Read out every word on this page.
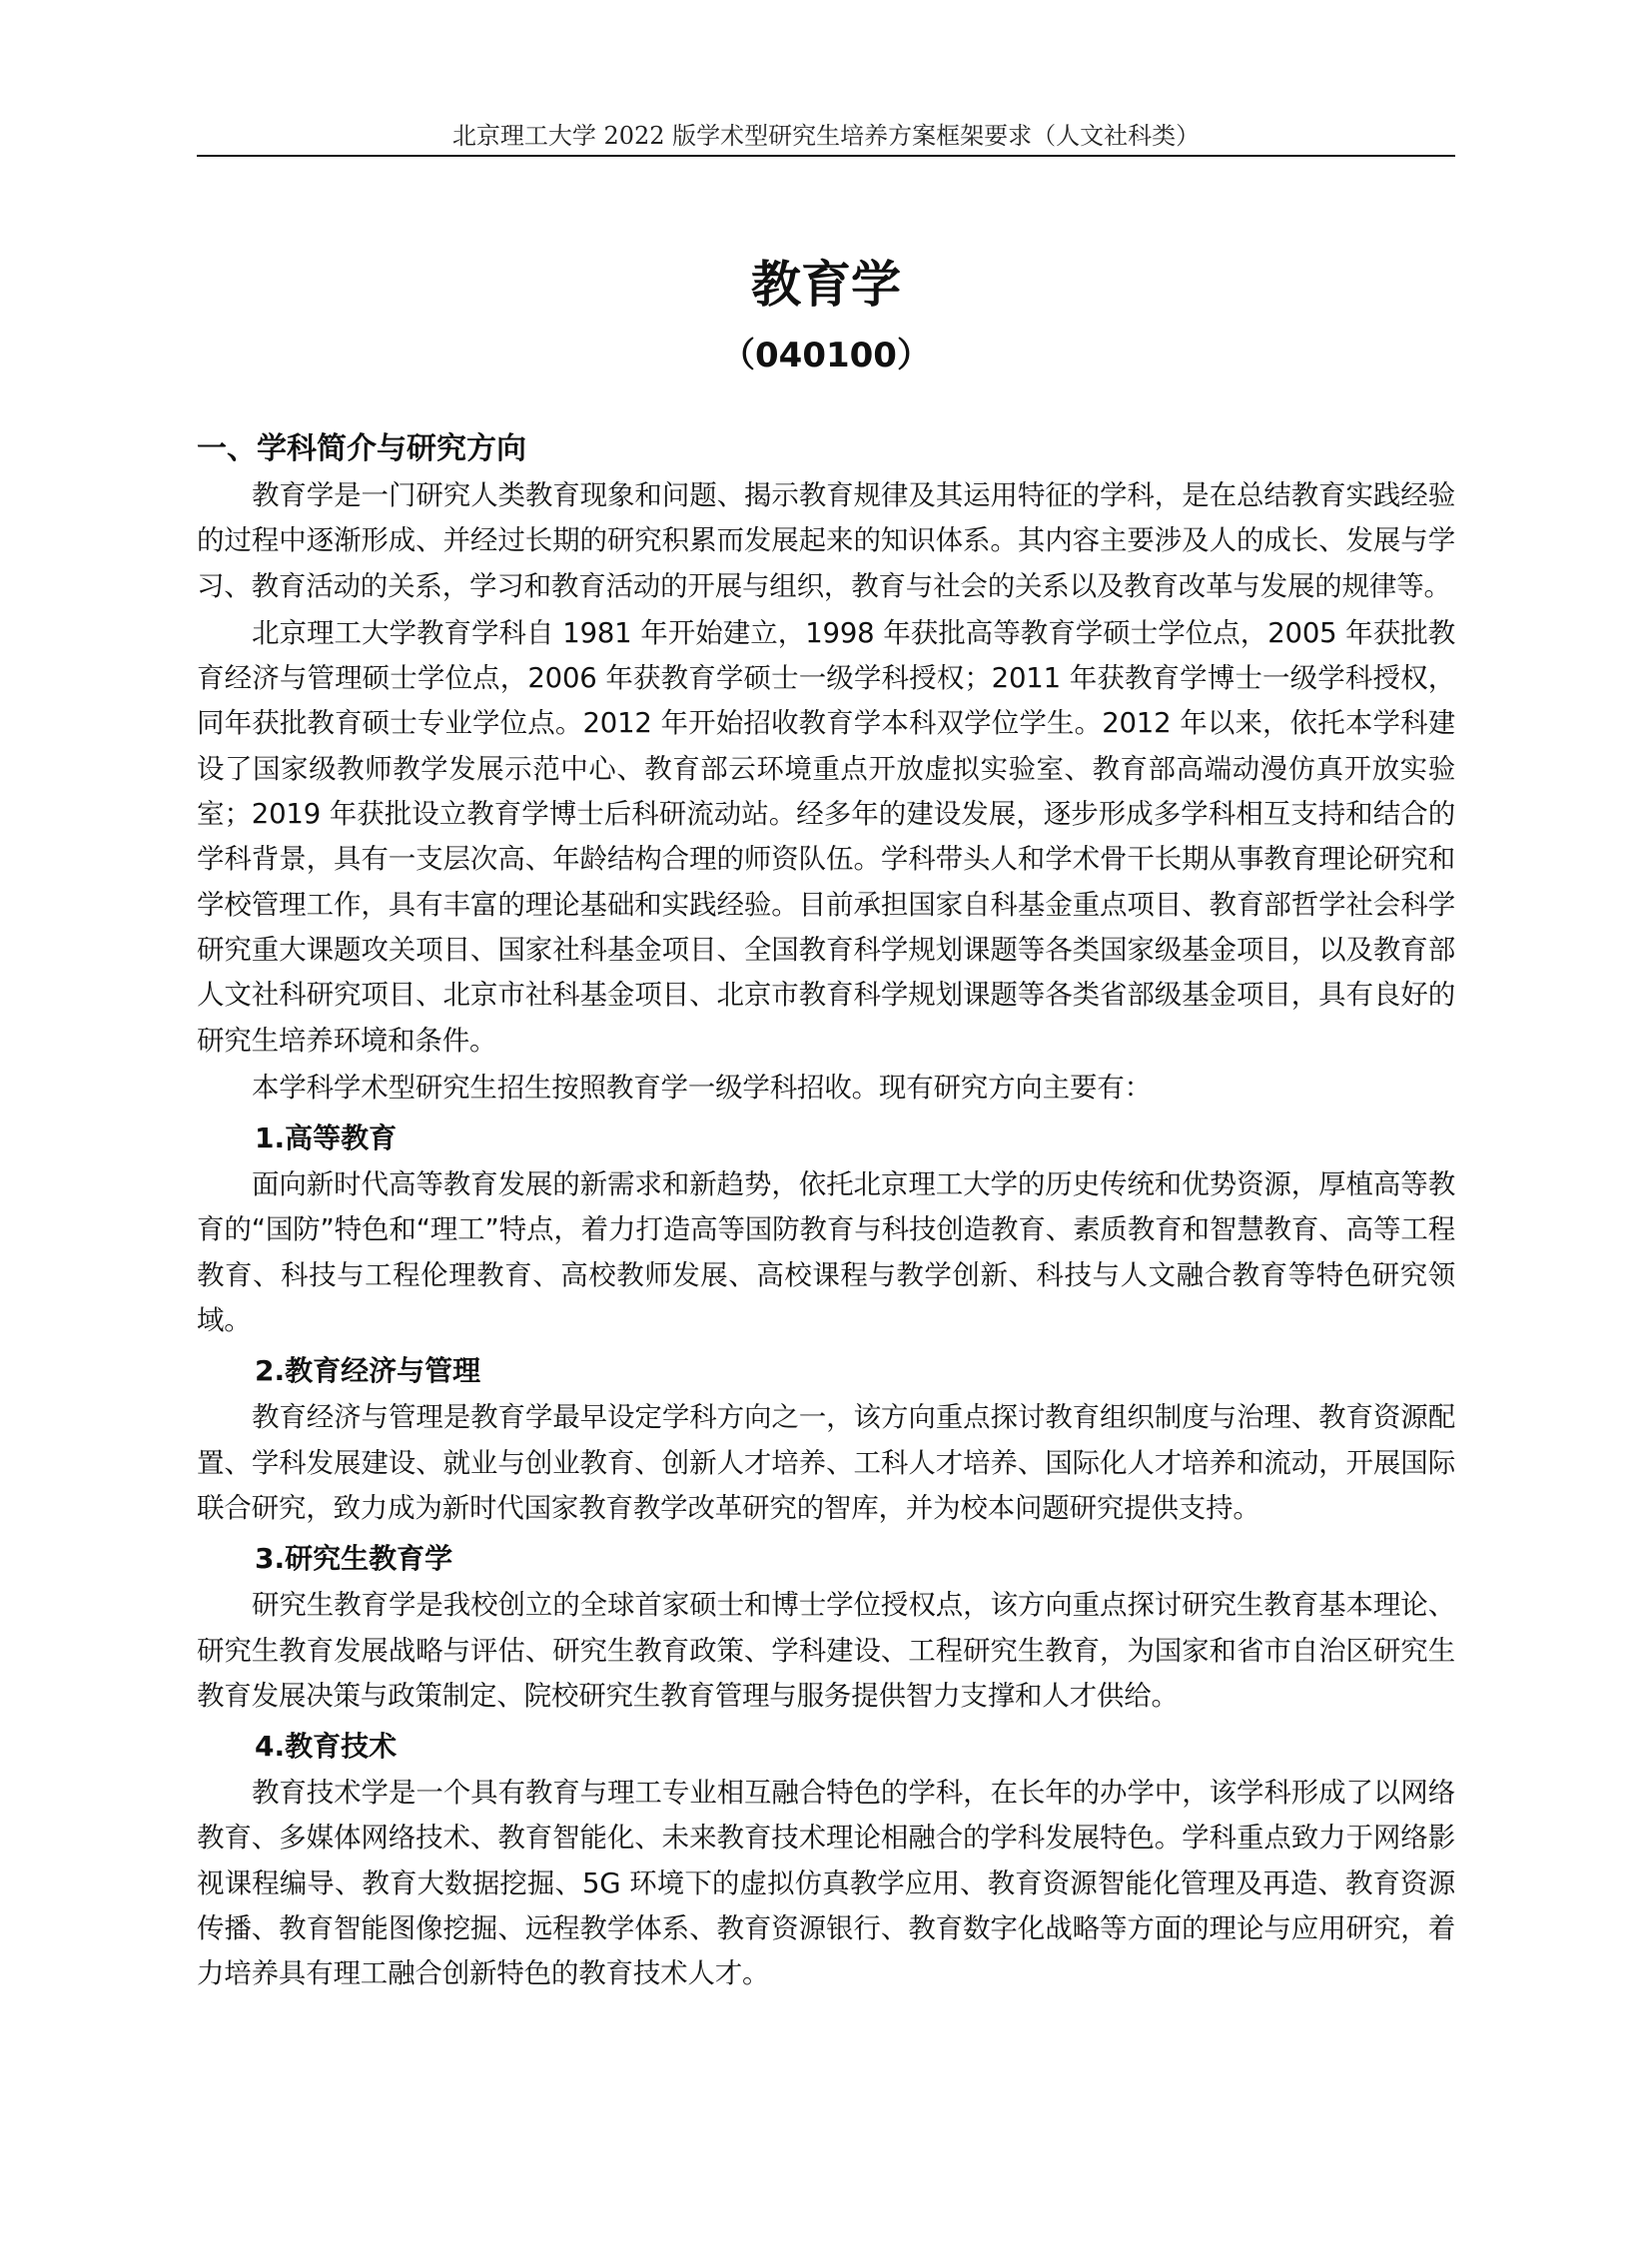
北京理工大学 2022 版学术型研究生培养方案框架要求（人文社科类）
教育学
（040100）
一、学科简介与研究方向

教育学是一门研究人类教育现象和问题、揭示教育规律及其运用特征的学科，是在总结教育实践经验的过程中逐渐形成、并经过长期的研究积累而发展起来的知识体系。其内容主要涉及人的成长、发展与学习、教育活动的关系，学习和教育活动的开展与组织，教育与社会的关系以及教育改革与发展的规律等。

北京理工大学教育学科自 1981 年开始建立，1998 年获批高等教育学硕士学位点，2005 年获批教育经济与管理硕士学位点，2006 年获教育学硕士一级学科授权；2011 年获教育学博士一级学科授权，同年获批教育硕士专业学位点。2012 年开始招收教育学本科双学位学生。2012 年以来，依托本学科建设了国家级教师教学发展示范中心、教育部云环境重点开放虚拟实验室、教育部高端动漫仿真开放实验室；2019 年获批设立教育学博士后科研流动站。经多年的建设发展，逐步形成多学科相互支持和结合的学科背景，具有一支层次高、年龄结构合理的师资队伍。学科带头人和学术骨干长期从事教育理论研究和学校管理工作，具有丰富的理论基础和实践经验。目前承担国家自科基金重点项目、教育部哲学社会科学研究重大课题攻关项目、国家社科基金项目、全国教育科学规划课题等各类国家级基金项目，以及教育部人文社科研究项目、北京市社科基金项目、北京市教育科学规划课题等各类省部级基金项目，具有良好的研究生培养环境和条件。

本学科学术型研究生招生按照教育学一级学科招收。现有研究方向主要有：

1.高等教育

面向新时代高等教育发展的新需求和新趋势，依托北京理工大学的历史传统和优势资源，厚植高等教育的“国防”特色和“理工”特点，着力打造高等国防教育与科技创造教育、素质教育和智慧教育、高等工程教育、科技与工程伦理教育、高校教师发展、高校课程与教学创新、科技与人文融合教育等特色研究领域。

2.教育经济与管理

教育经济与管理是教育学最早设定学科方向之一，该方向重点探讨教育组织制度与治理、教育资源配置、学科发展建设、就业与创业教育、创新人才培养、工科人才培养、国际化人才培养和流动，开展国际联合研究，致力成为新时代国家教育教学改革研究的智库，并为校本问题研究提供支持。

3.研究生教育学

研究生教育学是我校创立的全球首家硕士和博士学位授权点，该方向重点探讨研究生教育基本理论、研究生教育发展战略与评估、研究生教育政策、学科建设、工程研究生教育，为国家和省市自治区研究生教育发展决策与政策制定、院校研究生教育管理与服务提供智力支撑和人才供给。

4.教育技术

教育技术学是一个具有教育与理工专业相互融合特色的学科，在长年的办学中，该学科形成了以网络教育、多媒体网络技术、教育智能化、未来教育技术理论相融合的学科发展特色。学科重点致力于网络影视课程编导、教育大数据挖掘、5G 环境下的虚拟仿真教学应用、教育资源智能化管理及再造、教育资源传播、教育智能图像挖掘、远程教学体系、教育资源银行、教育数字化战略等方面的理论与应用研究，着力培养具有理工融合创新特色的教育技术人才。
